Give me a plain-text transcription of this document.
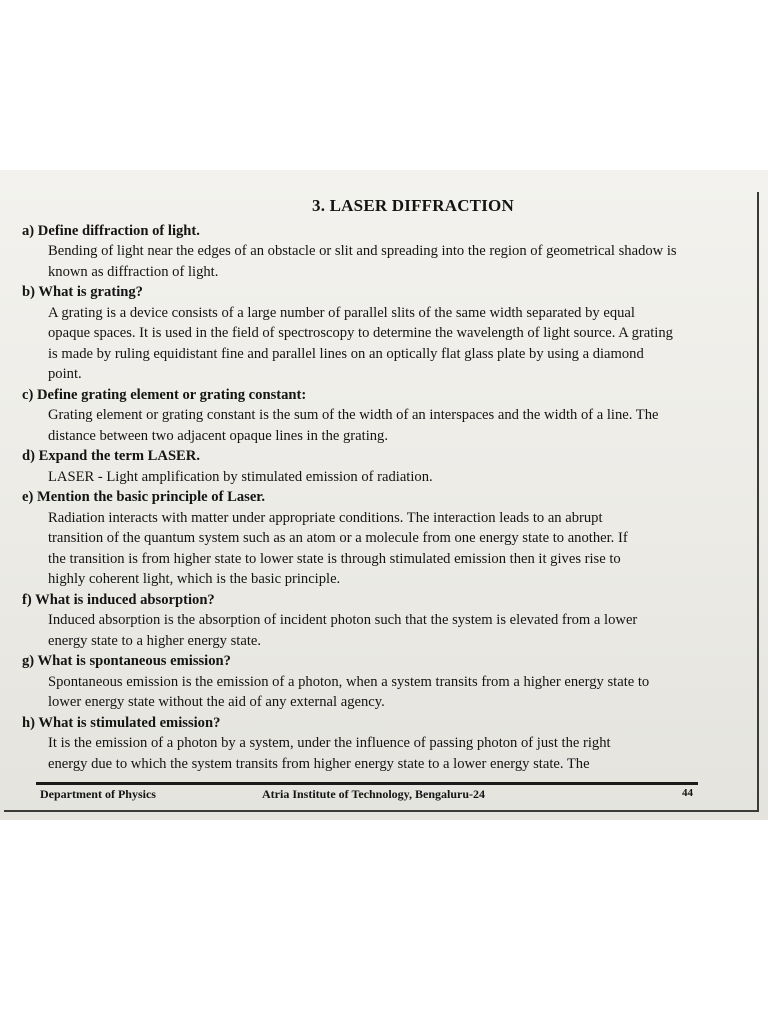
3. LASER DIFFRACTION

a) Define diffraction of light.

Bending of light near the edges of an obstacle or slit and spreading into the region of geometrical shadow is
known as diffraction of light.

b) What is grating?

A grating is a device consists of a large number of parallel slits of the same width separated by equal
opaque spaces. It is used in the field of spectroscopy to determine the wavelength of light source. A grating
is made by ruling equidistant fine and parallel lines on an optically flat glass plate by using a diamond
point.

c) Define grating element or grating constant:

Grating element or grating constant is the sum of the width of an interspaces and the width of a line. The
distance between two adjacent opaque lines in the grating.

d) Expand the term LASER.

LASER - Light amplification by stimulated emission of radiation.

e) Mention the basic principle of Laser.

Radiation interacts with matter under appropriate conditions. The interaction leads to an abrupt
transition of the quantum system such as an atom or a molecule from one energy state to another. If
the transition is from higher state to lower state is through stimulated emission then it gives rise to
highly coherent light, which is the basic principle.

f) What is induced absorption?

Induced absorption is the absorption of incident photon such that the system is elevated from a lower
energy state to a higher energy state.

g) What is spontaneous emission?

Spontaneous emission is the emission of a photon, when a system transits from a higher energy state to
lower energy state without the aid of any external agency.

h) What is stimulated emission?

It is the emission of a photon by a system, under the influence of passing photon of just the right
energy due to which the system transits from higher energy state to a lower energy state. The

Department of Physics	Atria Institute of Technology, Bengaluru-24	44
